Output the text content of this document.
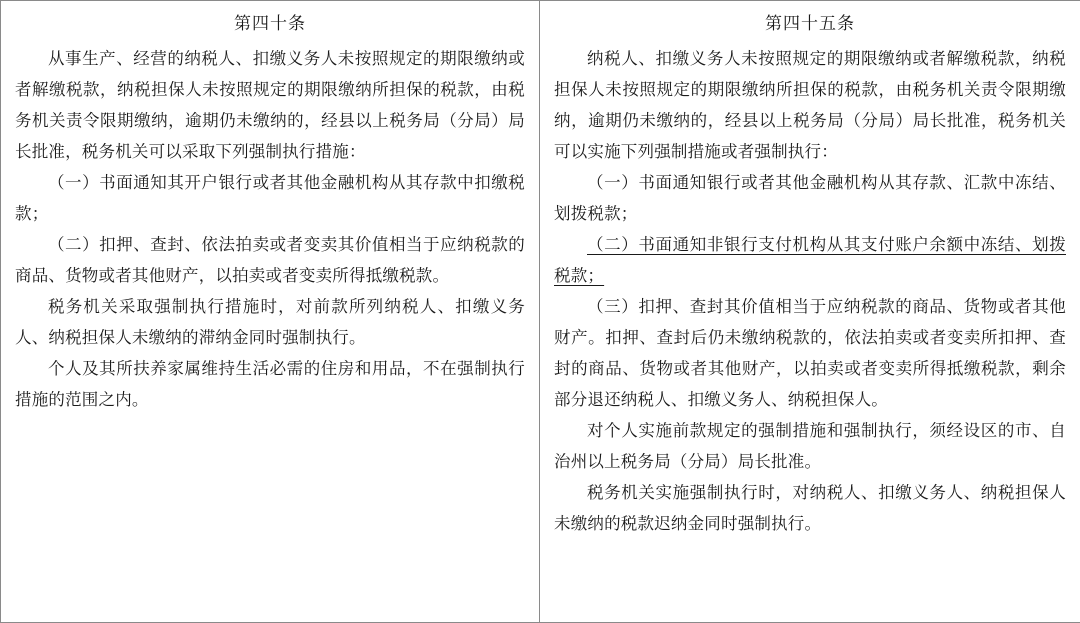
第四十条

从事生产、经营的纳税人、扣缴义务人未按照规定的期限缴纳或者解缴税款，纳税担保人未按照规定的期限缴纳所担保的税款，由税务机关责令限期缴纳，逾期仍未缴纳的，经县以上税务局（分局）局长批准，税务机关可以采取下列强制执行措施：

（一）书面通知其开户银行或者其他金融机构从其存款中扣缴税款；

（二）扣押、查封、依法拍卖或者变卖其价值相当于应纳税款的商品、货物或者其他财产，以拍卖或者变卖所得抵缴税款。

税务机关采取强制执行措施时，对前款所列纳税人、扣缴义务人、纳税担保人未缴纳的滞纳金同时强制执行。

个人及其所扶养家属维持生活必需的住房和用品，不在强制执行措施的范围之内。

第四十五条

纳税人、扣缴义务人未按照规定的期限缴纳或者解缴税款，纳税担保人未按照规定的期限缴纳所担保的税款，由税务机关责令限期缴纳，逾期仍未缴纳的，经县以上税务局（分局）局长批准，税务机关可以实施下列强制措施或者强制执行：

（一）书面通知银行或者其他金融机构从其存款、汇款中冻结、划拨税款；

（二）书面通知非银行支付机构从其支付账户余额中冻结、划拨税款；

（三）扣押、查封其价值相当于应纳税款的商品、货物或者其他财产。扣押、查封后仍未缴纳税款的，依法拍卖或者变卖所扣押、查封的商品、货物或者其他财产，以拍卖或者变卖所得抵缴税款，剩余部分退还纳税人、扣缴义务人、纳税担保人。

对个人实施前款规定的强制措施和强制执行，须经设区的市、自治州以上税务局（分局）局长批准。

税务机关实施强制执行时，对纳税人、扣缴义务人、纳税担保人未缴纳的税款迟纳金同时强制执行。
